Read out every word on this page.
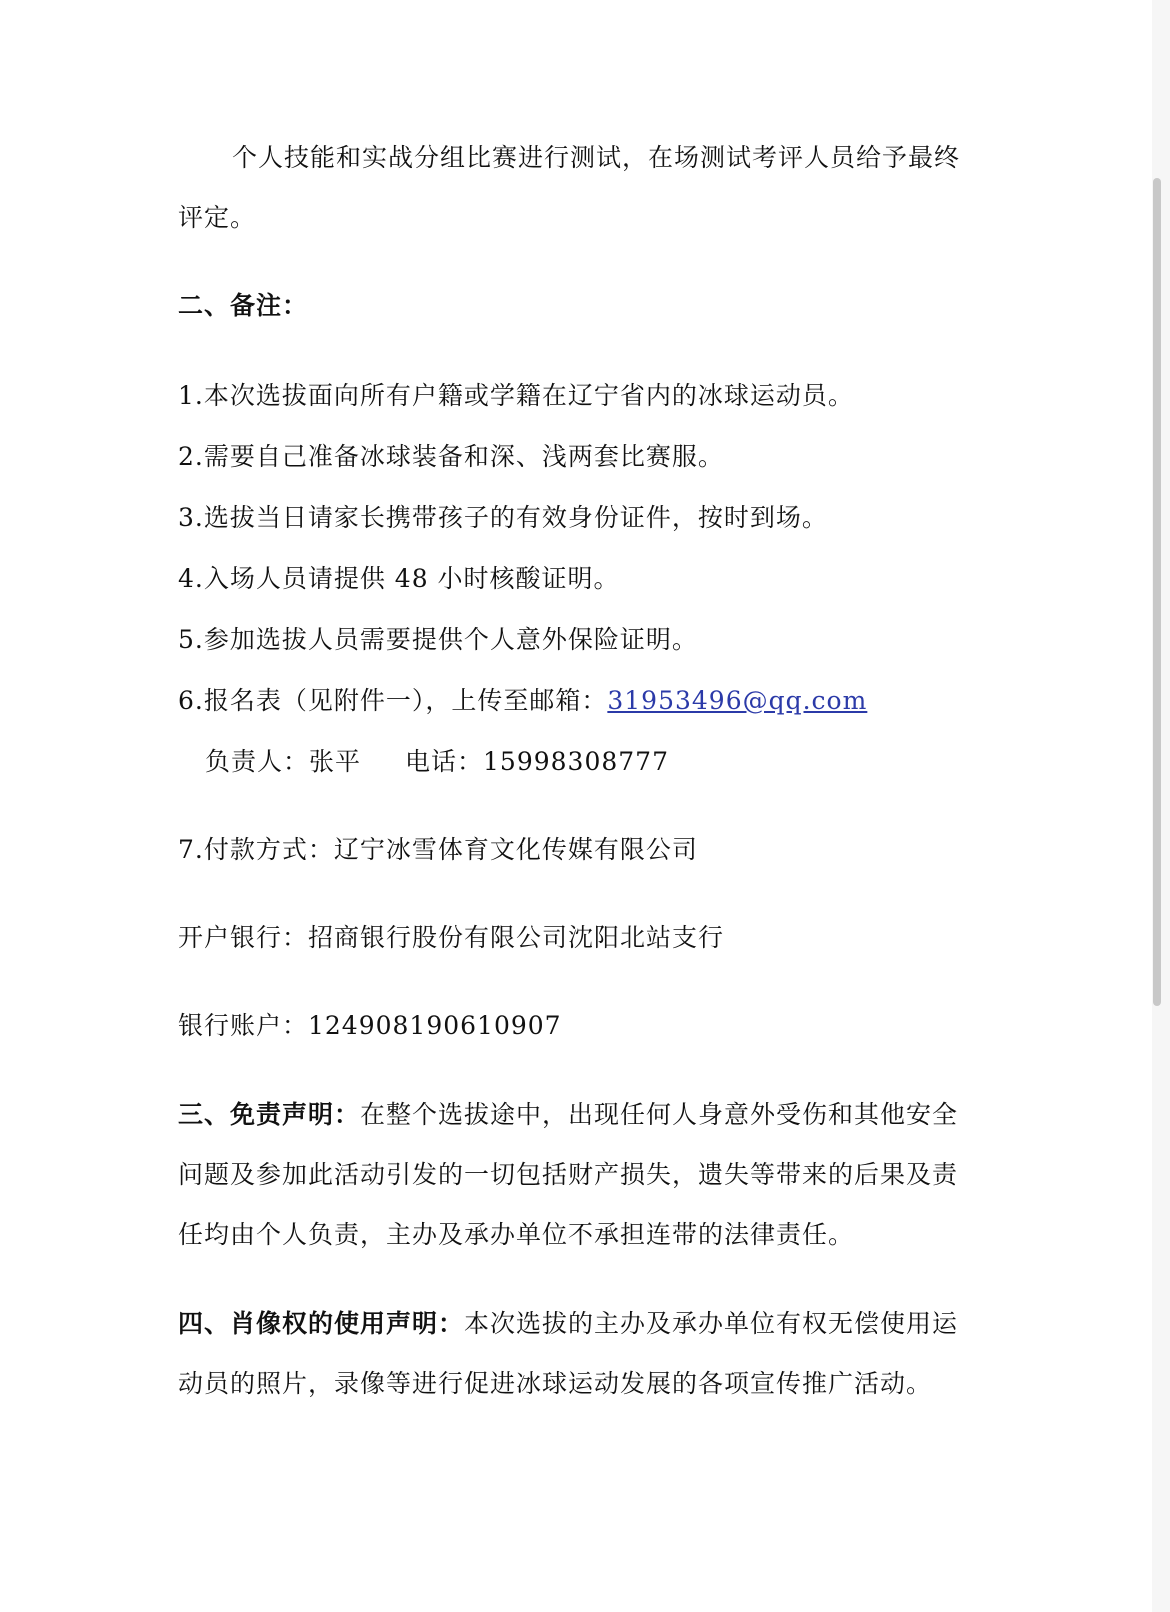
个人技能和实战分组比赛进行测试，在场测试考评人员给予最终
评定。
二、备注：
1.本次选拔面向所有户籍或学籍在辽宁省内的冰球运动员。
2.需要自己准备冰球装备和深、浅两套比赛服。
3.选拔当日请家长携带孩子的有效身份证件，按时到场。
4.入场人员请提供 48 小时核酸证明。
5.参加选拔人员需要提供个人意外保险证明。
6.报名表（见附件一），上传至邮箱：31953496@qq.com
负责人：张平 电话：15998308777
7.付款方式：辽宁冰雪体育文化传媒有限公司
开户银行：招商银行股份有限公司沈阳北站支行
银行账户：124908190610907
三、免责声明：在整个选拔途中，出现任何人身意外受伤和其他安全
问题及参加此活动引发的一切包括财产损失，遗失等带来的后果及责
任均由个人负责，主办及承办单位不承担连带的法律责任。
四、肖像权的使用声明：本次选拔的主办及承办单位有权无偿使用运
动员的照片，录像等进行促进冰球运动发展的各项宣传推广活动。
